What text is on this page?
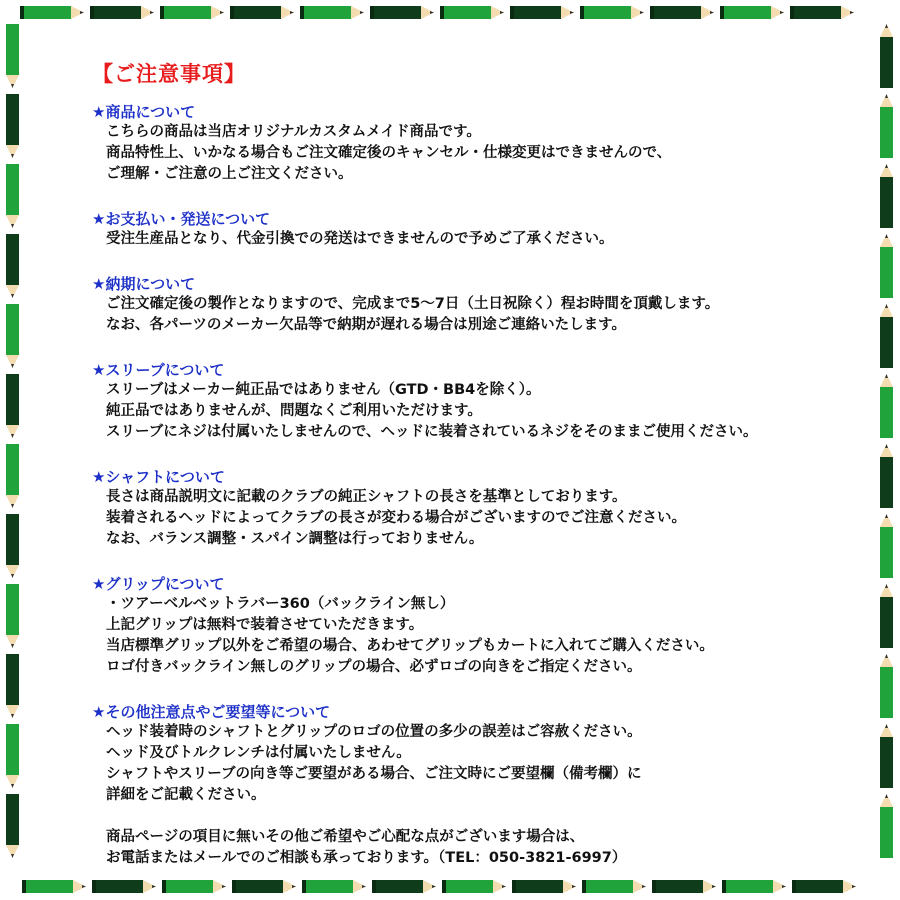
【ご注意事項】
★商品について
こちらの商品は当店オリジナルカスタムメイド商品です。
商品特性上、いかなる場合もご注文確定後のキャンセル・仕様変更はできませんので、
ご理解・ご注意の上ご注文ください。
★お支払い・発送について
受注生産品となり、代金引換での発送はできませんので予めご了承ください。
★納期について
ご注文確定後の製作となりますので、完成まで5～7日（土日祝除く）程お時間を頂戴します。
なお、各パーツのメーカー欠品等で納期が遅れる場合は別途ご連絡いたします。
★スリーブについて
スリーブはメーカー純正品ではありません（GTD・BB4を除く）。
純正品ではありませんが、問題なくご利用いただけます。
スリーブにネジは付属いたしませんので、ヘッドに装着されているネジをそのままご使用ください。
★シャフトについて
長さは商品説明文に記載のクラブの純正シャフトの長さを基準としております。
装着されるヘッドによってクラブの長さが変わる場合がございますのでご注意ください。
なお、バランス調整・スパイン調整は行っておりません。
★グリップについて
・ツアーベルベットラバー360（バックライン無し）
上記グリップは無料で装着させていただきます。
当店標準グリップ以外をご希望の場合、あわせてグリップもカートに入れてご購入ください。
ロゴ付きバックライン無しのグリップの場合、必ずロゴの向きをご指定ください。
★その他注意点やご要望等について
ヘッド装着時のシャフトとグリップのロゴの位置の多少の誤差はご容赦ください。
ヘッド及びトルクレンチは付属いたしません。
シャフトやスリーブの向き等ご要望がある場合、ご注文時にご要望欄（備考欄）に
詳細をご記載ください。
商品ページの項目に無いその他ご希望やご心配な点がございます場合は、
お電話またはメールでのご相談も承っております。（TEL：050-3821-6997）
